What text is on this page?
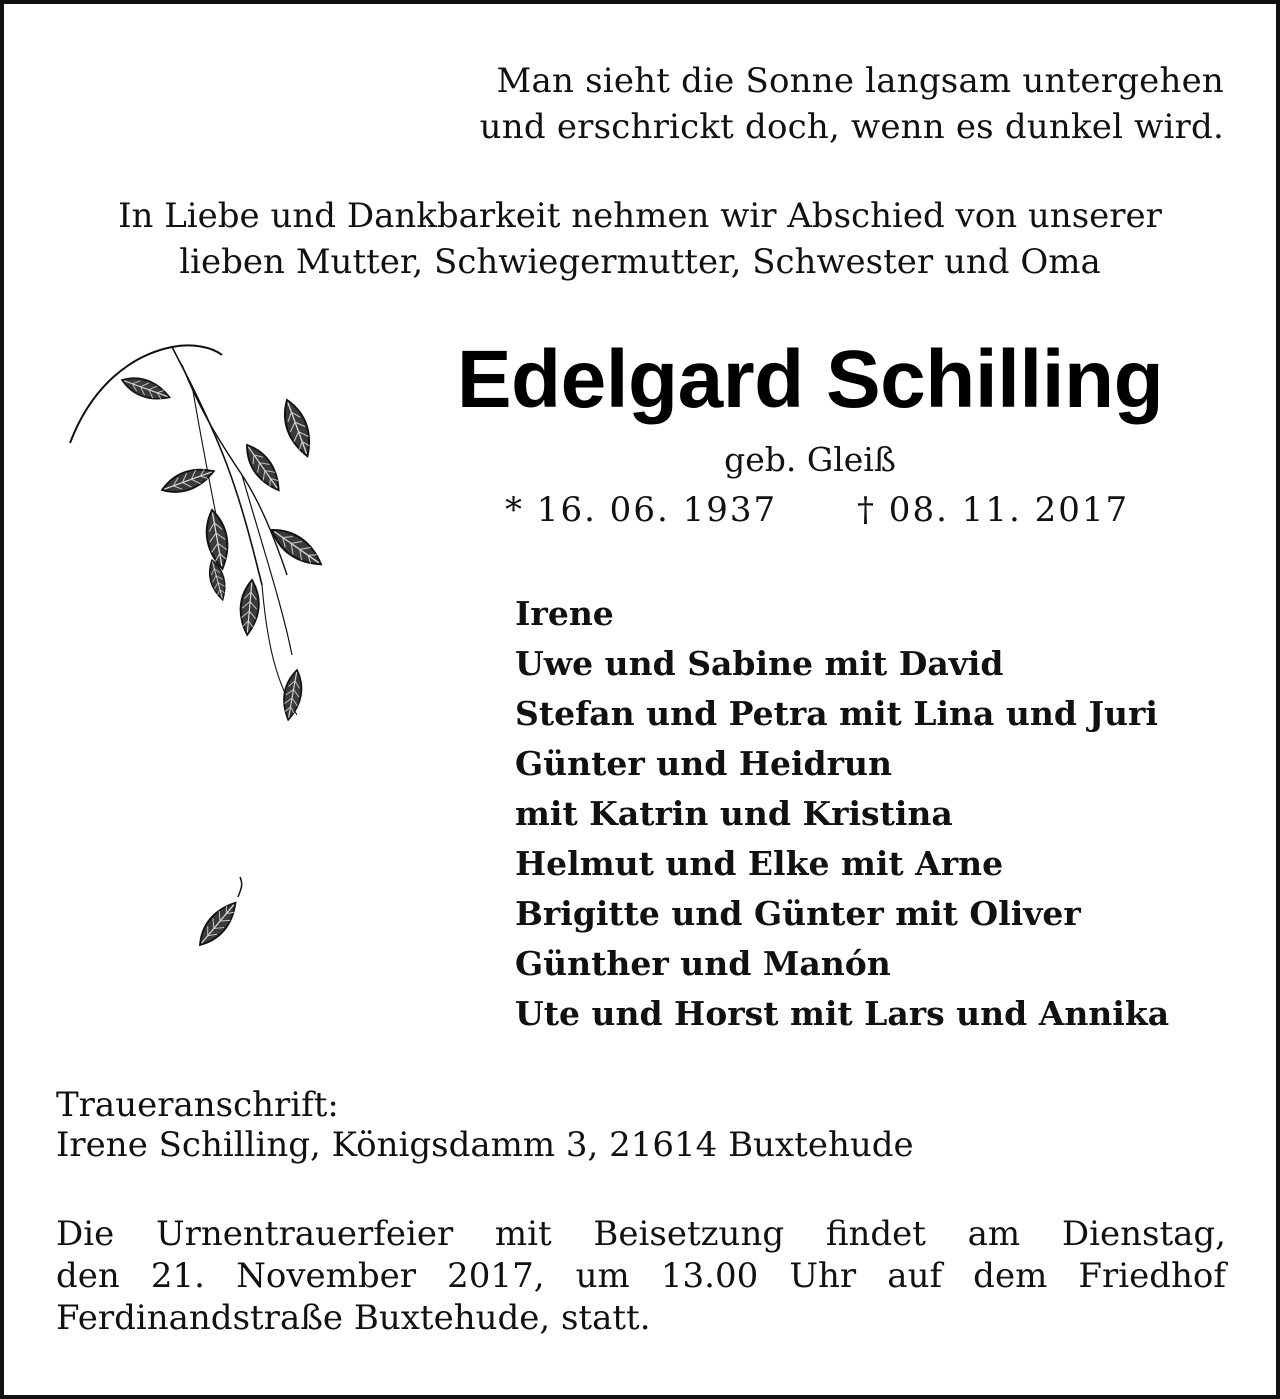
Man sieht die Sonne langsam untergehen
und erschrickt doch, wenn es dunkel wird.
In Liebe und Dankbarkeit nehmen wir Abschied von unserer
lieben Mutter, Schwiegermutter, Schwester und Oma
Edelgard Schilling
geb. Gleiß
* 16. 06. 1937 † 08. 11. 2017
Irene
Uwe und Sabine mit David
Stefan und Petra mit Lina und Juri
Günter und Heidrun
mit Katrin und Kristina
Helmut und Elke mit Arne
Brigitte und Günter mit Oliver
Günther und Manón
Ute und Horst mit Lars und Annika
Traueranschrift:
Irene Schilling, Königsdamm 3, 21614 Buxtehude
Die Urnentrauerfeier mit Beisetzung findet am Dienstag,
den 21. November 2017, um 13.00 Uhr auf dem Friedhof
Ferdinandstraße Buxtehude, statt.
